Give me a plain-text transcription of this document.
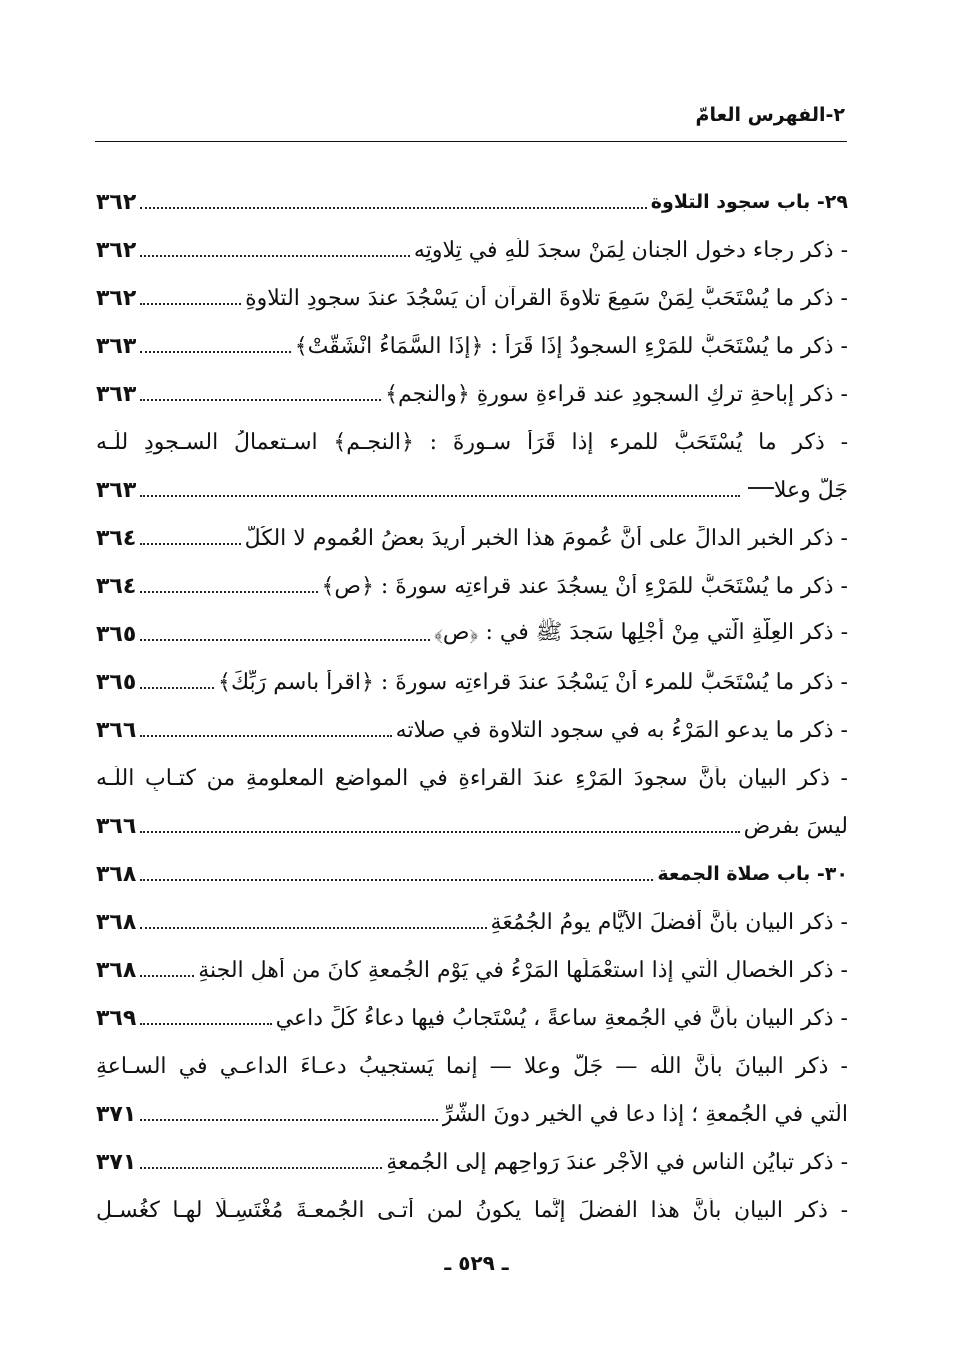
٢-الفهرس العامّ
٢٩- باب سجود التلاوة
٣٦٢
- ذكر رجاء دخول الجنان لِمَنْ سجدَ للّهِ في تِلاوتِه
٣٦٢
- ذكر ما يُسْتَحَبُّ لِمَنْ سَمِعَ تلاوةَ القرآن أن يَسْجُدَ عندَ سجودِ التلاوةِ
٣٦٢
- ذكر ما يُسْتَحَبُّ للمَرْءِ السجودُ إذَا قَرَأَ : ﴿إِذَا السَّمَاءُ انْشَقَّتْ﴾
٣٦٣
- ذكر إباحةِ تركِ السجودِ عند قراءةِ سورةِ ﴿والنجم﴾
٣٦٣
- ذكر ما يُسْتَحَبُّ للمرء إذا قَرَأَ سـورةَ : ﴿النجـم﴾ اسـتعمالُ السـجودِ للّـه
جَلَّ وعلا
٣٦٣
- ذكر الخبرِ الدالِّ على أنَّ عُمومَ هذا الخبرِ أُريدَ بعضُ العُمومِ لا الكُلُّ
٣٦٤
- ذكر ما يُسْتَحَبُّ للمَرْءِ أنْ يسجُدَ عند قراءتِه سورةَ : ﴿ص﴾
٣٦٤
- ذكر العِلَّةِ الَّتي مِنْ أجْلِها سَجدَ ﷺ في : ﴿ص﴾
٣٦٥
- ذكر ما يُسْتَحَبُّ للمرء أنْ يَسْجُدَ عندَ قراءتِه سورةَ : ﴿اقرأْ باسمِ رَبِّكَ﴾
٣٦٥
- ذكر ما يدعو المَرْءُ به في سجود التلاوة في صلاته
٣٦٦
- ذكر البيان بأنَّ سجودَ المَرْءِ عندَ القراءةِ في المواضعِ المعلومةِ من كتـابِ اللّـه
ليسَ بفرضٍ
٣٦٦
٣٠- باب صلاة الجمعة
٣٦٨
- ذكر البيان بأنَّ أفضلَ الأيَّامِ يومُ الجُمُعَةِ
٣٦٨
- ذكر الخصالِ الَّتي إذا استعْمَلَها المَرْءُ في يَوْمِ الجُمعةِ كانَ من أهلِ الجنةِ
٣٦٨
- ذكر البيان بأنَّ في الجُمعةِ ساعةً ، يُسْتَجابُ فيها دعاءُ كُلِّ داعي
٣٦٩
- ذكر البيانَ بأنَّ اللّه — جَلَّ وعلا — إنما يَستجيبُ دعـاءَ الداعـي في السـاعةِ
الَّتي في الجُمعةِ ؛ إذا دعا في الخيرِ دونَ الشَّرِّ
٣٧١
- ذكر تبايُنِ الناسِ في الأَجْرِ عندَ رَواحِهِم إلى الجُمعةِ
٣٧١
- ذكر البيانِ بأنَّ هذا الفضلَ إنَّما يكونُ لمن أتـى الجُمعـةَ مُغْتَسِـلًا لهـا كغُسـلِ
ـ ٥٢٩ ـ
